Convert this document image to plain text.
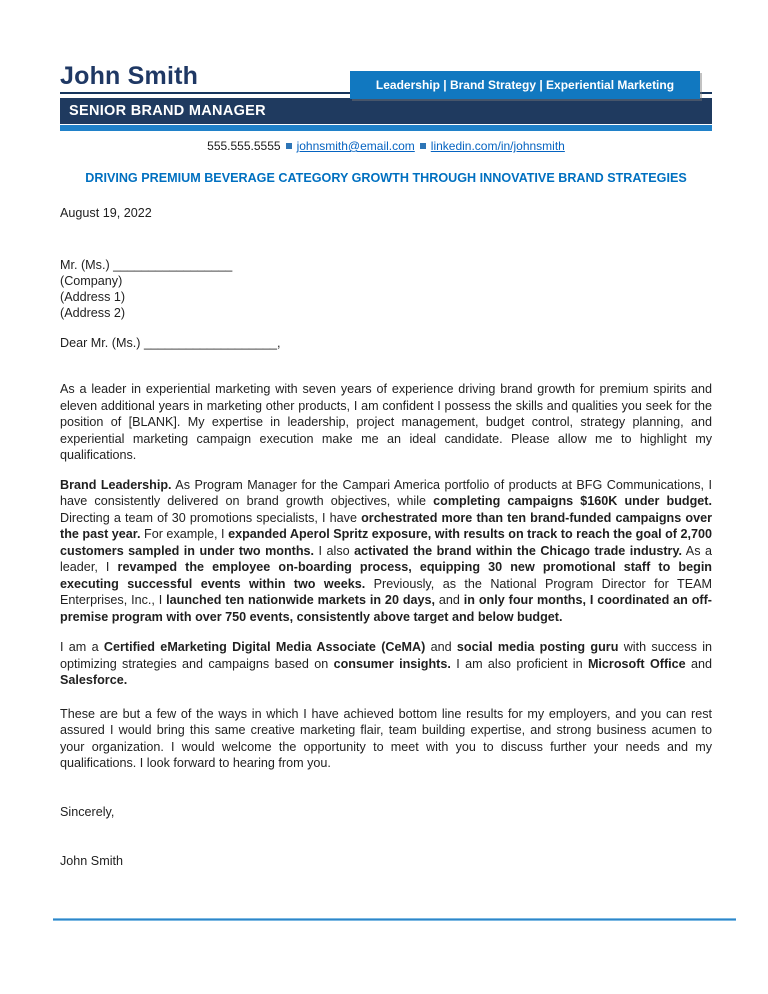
John Smith	Leadership | Brand Strategy | Experiential Marketing
SENIOR BRAND MANAGER
555.555.5555 johnsmith@email.com linkedin.com/in/johnsmith
DRIVING PREMIUM BEVERAGE CATEGORY GROWTH THROUGH INNOVATIVE BRAND STRATEGIES

August 19, 2022

Mr. (Ms.) _________________

(Company)

(Address 1)

(Address 2)

Dear Mr. (Ms.) ___________________,

As a leader in experiential marketing with seven years of experience driving brand growth for premium spirits and eleven additional years in marketing other products, I am confident I possess the skills and qualities you seek for the position of [BLANK]. My expertise in leadership, project management, budget control, strategy planning, and experiential marketing campaign execution make me an ideal candidate. Please allow me to highlight my qualifications.

Brand Leadership. As Program Manager for the Campari America portfolio of products at BFG Communications, I have consistently delivered on brand growth objectives, while completing campaigns $160K under budget. Directing a team of 30 promotions specialists, I have orchestrated more than ten brand-funded campaigns over the past year. For example, I expanded Aperol Spritz exposure, with results on track to reach the goal of 2,700 customers sampled in under two months. I also activated the brand within the Chicago trade industry. As a leader, I revamped the employee on-boarding process, equipping 30 new promotional staff to begin executing successful events within two weeks. Previously, as the National Program Director for TEAM Enterprises, Inc., I launched ten nationwide markets in 20 days, and in only four months, I coordinated an off-premise program with over 750 events, consistently above target and below budget.

I am a Certified eMarketing Digital Media Associate (CeMA) and social media posting guru with success in optimizing strategies and campaigns based on consumer insights. I am also proficient in Microsoft Office and Salesforce.

These are but a few of the ways in which I have achieved bottom line results for my employers, and you can rest assured I would bring this same creative marketing flair, team building expertise, and strong business acumen to your organization. I would welcome the opportunity to meet with you to discuss further your needs and my qualifications. I look forward to hearing from you.

Sincerely,

John Smith
